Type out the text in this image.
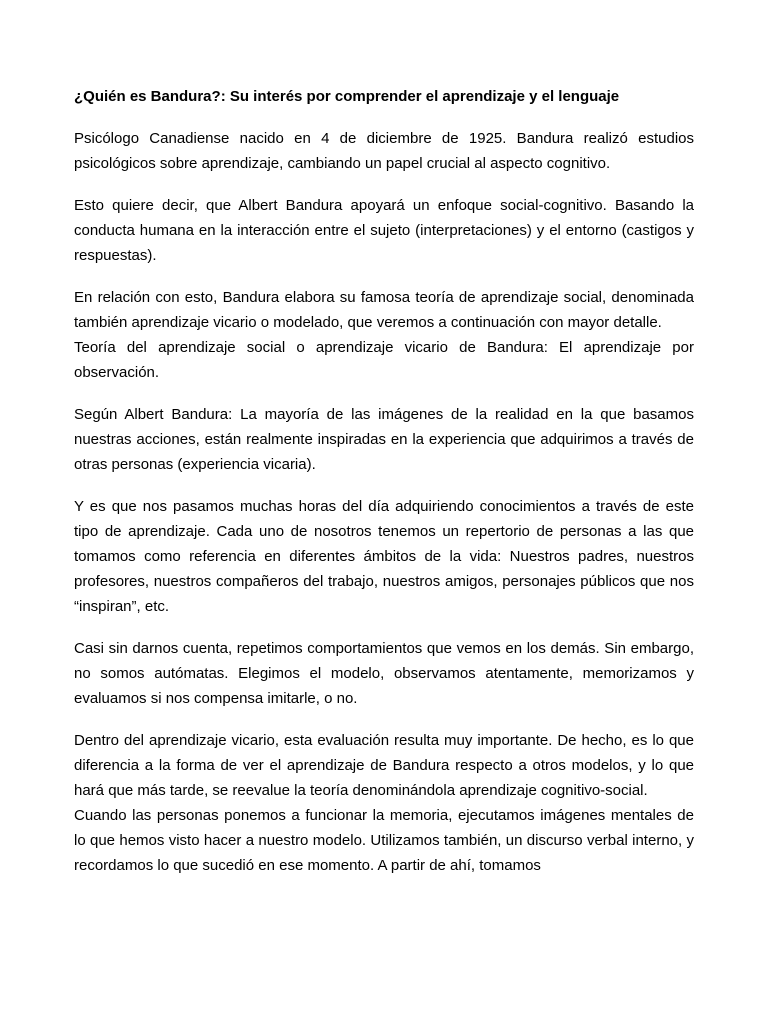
¿Quién es Bandura?: Su interés por comprender el aprendizaje y el lenguaje

Psicólogo Canadiense nacido en 4 de diciembre de 1925. Bandura realizó estudios psicológicos sobre aprendizaje, cambiando un papel crucial al aspecto cognitivo.

Esto quiere decir, que Albert Bandura apoyará un enfoque social-cognitivo. Basando la conducta humana en la interacción entre el sujeto (interpretaciones) y el entorno (castigos y respuestas).

En relación con esto, Bandura elabora su famosa teoría de aprendizaje social, denominada también aprendizaje vicario o modelado, que veremos a continuación con mayor detalle.

Teoría del aprendizaje social o aprendizaje vicario de Bandura: El aprendizaje por observación.

Según Albert Bandura: La mayoría de las imágenes de la realidad en la que basamos nuestras acciones, están realmente inspiradas en la experiencia que adquirimos a través de otras personas (experiencia vicaria).

Y es que nos pasamos muchas horas del día adquiriendo conocimientos a través de este tipo de aprendizaje. Cada uno de nosotros tenemos un repertorio de personas a las que tomamos como referencia en diferentes ámbitos de la vida: Nuestros padres, nuestros profesores, nuestros compañeros del trabajo, nuestros amigos, personajes públicos que nos “inspiran”, etc.

Casi sin darnos cuenta, repetimos comportamientos que vemos en los demás. Sin embargo, no somos autómatas. Elegimos el modelo, observamos atentamente, memorizamos y evaluamos si nos compensa imitarle, o no.

Dentro del aprendizaje vicario, esta evaluación resulta muy importante. De hecho, es lo que diferencia a la forma de ver el aprendizaje de Bandura respecto a otros modelos, y lo que hará que más tarde, se reevalue la teoría denominándola aprendizaje cognitivo-social.

Cuando las personas ponemos a funcionar la memoria, ejecutamos imágenes mentales de lo que hemos visto hacer a nuestro modelo. Utilizamos también, un discurso verbal interno, y recordamos lo que sucedió en ese momento. A partir de ahí, tomamos
